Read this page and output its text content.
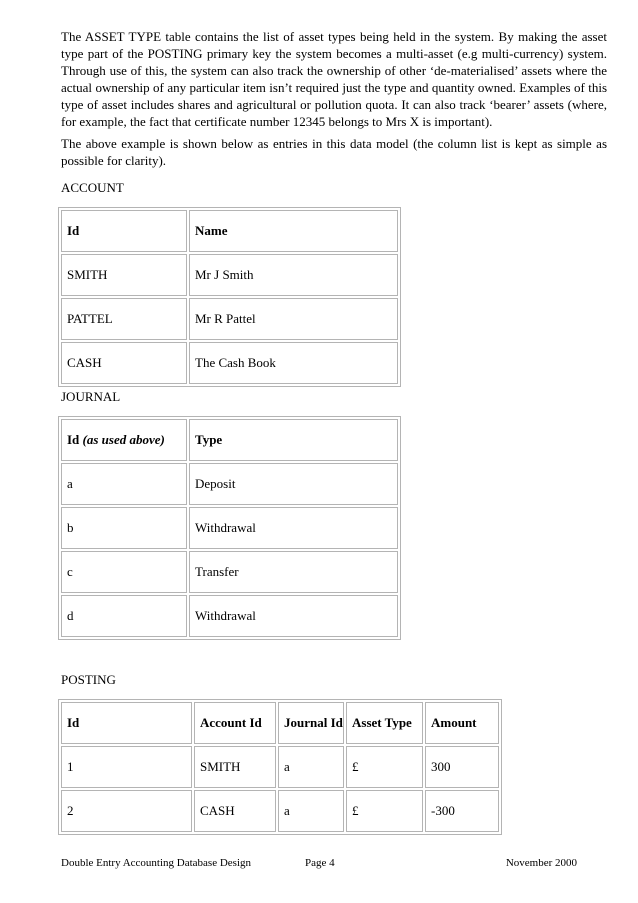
The ASSET TYPE table contains the list of asset types being held in the system. By making the asset type part of the POSTING primary key the system becomes a multi-asset (e.g multi-currency) system. Through use of this, the system can also track the ownership of other ‘de-materialised’ assets where the actual ownership of any particular item isn’t required just the type and quantity owned. Examples of this type of asset includes shares and agricultural or pollution quota. It can also track ‘bearer’ assets (where, for example, the fact that certificate number 12345 belongs to Mrs X is important).

The above example is shown below as entries in this data model (the column list is kept as simple as possible for clarity).

ACCOUNT

Id	Name
SMITH	Mr J Smith
PATTEL	Mr R Pattel
CASH	The Cash Book

JOURNAL

Id (as used above)	Type
a	Deposit
b	Withdrawal
c	Transfer
d	Withdrawal

POSTING

Id	Account Id	Journal Id	Asset Type	Amount
1	SMITH	a	£	300
2	CASH	a	£	-300
Double Entry Accounting Database Design	Page 4	November 2000
